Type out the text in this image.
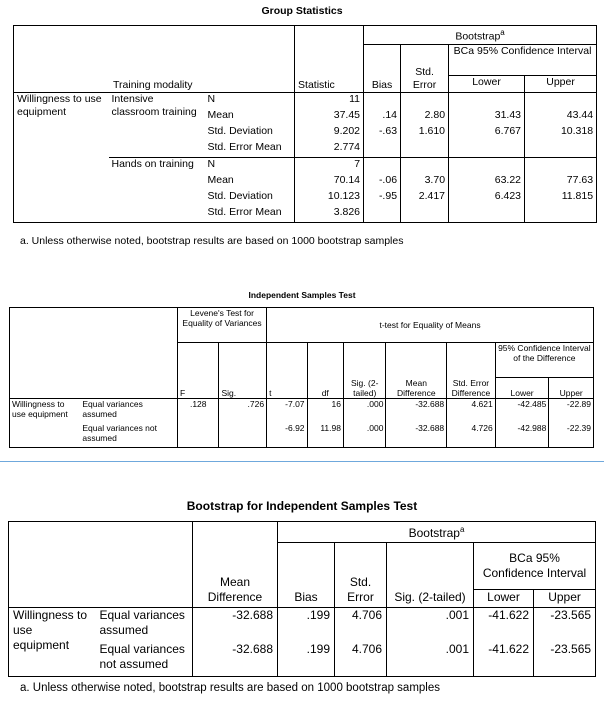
Group Statistics
Training modality			Statistic	Bootstrap$^a$
				Bias	Std. Error	BCa 95% Confidence Interval	
						Lower	Upper
Willingness to use equipment	Intensive classroom training	N	11				
		Mean	37.45	.14	2.80	31.43	43.44
		Std. Deviation	9.202	-.63	1.610	6.767	10.318
		Std. Error Mean	2.774				
	Hands on training	N	7				
		Mean	70.14	-.06	3.70	63.22	77.63
		Std. Deviation	10.123	-.95	2.417	6.423	11.815
		Std. Error Mean	3.826				
a. Unless otherwise noted, bootstrap results are based on 1000 bootstrap samples
Independent Samples Test
		Levene's Test for Equality of Variances		t-test for Equality of Means						
		F	Sig.	t	df	Sig. (2-tailed)	Mean Difference	Std. Error Difference	95% Confidence Interval of the Difference	
									Lower	Upper
Willingness to use equipment	Equal variances assumed	.128	.726	-7.07	16	.000	-32.688	4.621	-42.485	-22.89
	Equal variances not assumed			-6.92	11.98	.000	-32.688	4.726	-42.988	-22.39
Bootstrap for Independent Samples Test
		Mean Difference	Bootstrap$^a$
			Bias	Std. Error	Sig. (2-tailed)	BCa 95% Confidence Interval	
						Lower	Upper
Willingness to use equipment	Equal variances assumed	-32.688	.199	4.706	.001	-41.622	-23.565
	Equal variances not assumed	-32.688	.199	4.706	.001	-41.622	-23.565
a. Unless otherwise noted, bootstrap results are based on 1000 bootstrap samples
